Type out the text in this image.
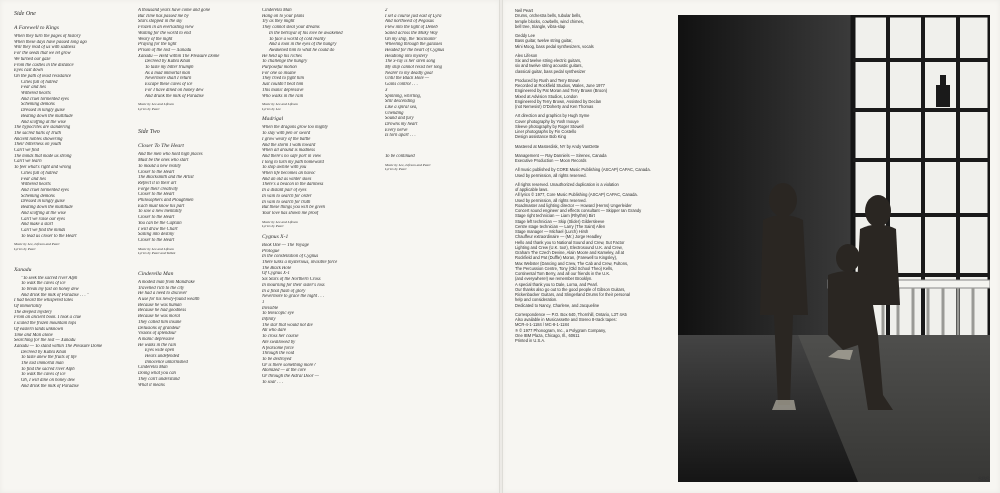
Side One
A Farewell to Kings
When they turn the pages of history
When these days have passed long ago
Will they read of us with sadness
For the seeds that we let grow
We turned our gaze
From the castles in the distance
Eyes cast down
On the path of least resistance
Cities full of hatred
Fear and lies
Withered hearts
And cruel tormented eyes
Scheming demons
Dressed in kingly guise
Beating down the multitude
And scoffing at the wise
The hypocrites are slandering
The sacred halls of Truth
Ancient nobles showering
Their bitterness on youth
Can't we find
The minds that made us strong
Can't we learn
To feel what's right and wrong
Cities full of hatred
Fear and lies
Withered hearts
And cruel tormented eyes
Scheming demons
Dressed in kingly guise
Beating down the multitude
And scoffing at the wise
Can't we raise our eyes
And make a start
Can't we find the minds
To lead us closer to the Heart
Music by Lee, Lifeson and Peart
Lyrics by Peart
Xanadu
"To seek the sacred river Alph
To walk the caves of ice
To break my fast on honey dew
And drink the milk of Paradise . . . "
I had heard the whispered tales
Of immortality
The deepest mystery
From an ancient book. I took a clue
I scaled the frozen mountain tops
Of eastern lands unknown
Time and Man alone
Searching for the lost — Xanadu
Xanadu — To stand within The Pleasure Dome
Decreed by Kubla Khan
To taste anew the fruits of life
The last immortal man
To find the sacred river Alph
To walk the caves of ice
Oh, I will dine on honey dew
And drink the milk of Paradise
A thousand years have come and gone
But Time has passed me by
Stars stopped in the sky
Frozen in an everlasting view
Waiting for the world to end
Weary of the night
Praying for the light
Prison of the lost — Xanadu
Xanadu — Held within The Pleasure Dome
Decreed by Kubla Khan
To taste my bitter triumph
As a mad immortal man
Nevermore shall I return
Escape these caves of ice
For I have dined on honey dew
And drunk the milk of Paradise
Music by Lee and Lifeson
Lyrics by Peart
Side Two
Closer To The Heart
And the men who hold high places
Must be the ones who start
To mould a new reality
Closer to the Heart
The Blacksmith and the Artist
Reflect it in their art
Forge their creativity
Closer to the Heart
Philosophers and Ploughmen
Each must know his part
To sow a new mentality
Closer to the Heart
You can be the Captain
I will draw the Chart
Sailing into destiny
Closer to the Heart
Music by Lee and Lifeson
Lyrics by Peart and Talbot
Cinderella Man
A modest man from Mandrake
Travelled rich to the city
He had a need to discover
A use for his newly-found wealth
Because he was human
Because he had goodness
Because he was moral
They called him insane
Delusions of grandeur
Visions of splendour
A manic depressive
He walks in the rain
Eyes wide open
Hears undefended
Innocence untarnished
Cinderella Man
Doing what you can
They can't understand
What it means
Cinderella Man
Hang on to your plans
Try as they might
They cannot steal your dreams
In the betrayal of his love he awakened
To face a world of cold reality
And a look in the eyes of the hungry
Awakened him to what he could do
He held up his riches
To challenge the hungry
Purposeful motion
For one so insane
They tried to fight him
Just couldn't beat him
This manic depressive
Who walks in the rain
Music by Lee and Lifeson
Lyrics by Lee
Madrigal
When the dragons grow too mighty
To slay with pen or sword
I grow weary of the battle
And the storm I walk toward
When all around is madness
And there's no safe port in view
I long to turn my path homeward
To stop awhile with you
When life becomes an havoc
And an old as winter skies
There's a beacon in the darkness
In a distant pair of eyes
In vain to search for order
In vain to search for truth
But these things you will be given
Your love has shown me proof
Music by Lee and Lifeson
Lyrics by Peart
Cygnus X-1
Book One — The Voyage
Prologue
In the constellation of Cygnus
There lurks a mysterious, invisible force
The Black Hole
Of Cygnus X-1
Six Stars of the Northern Cross
In mourning for their sister's loss
In a final flash of glory
Nevermore to grace the night . . .
1
Invisible
To telescopic eye
Infinity
The star that would not die
All who dare
To cross her course
Are swallowed by
A fearsome force
Through the void
To be destroyed
Or is there something more?
Atomized — at the core
Or through the Astral Door —
To soar . . .
2
I set a course just east of Lyra
And northwest of Pegasus
Flew into the light of Deneb
Sailed across the Milky Way
On my ship, the 'Rocinante'
Wheeling through the galaxies
Headed for the heart of Cygnus
Headlong into mystery
The x-ray is her siren song
My ship cannot resist her long
Nearer to my deadly goal
Until the Black Hole —
Gains control . . .
3
Spinning, whirling,
Still descending
Like a spiral sea,
Unending
Sound and fury
Drowns my heart
Every nerve
Is torn apart . . .
To be continued
Music by Lee, Lifeson and Peart
Lyrics by Peart
Neil Peart
Drums, orchestra bells, tubular bells,
temple blocks, cowbells, wind chimes,
bell tree, triangle, vibra-slap
Geddy Lee
Bass guitar, twelve string guitar,
Mini Moog, bass pedal synthesizers, vocals
Alex Lifeson
Six and twelve string electric guitars,
six and twelve string acoustic guitars,
classical guitar, bass pedal synthesizer
Produced by Rush and Terry Brown
Recorded at Rockfield Studios, Wales, June 1977
Engineered by Pat Moran and Terry Brown (Broon)
Mixed at Advision Studios, London
Engineered by Terry Brown, Assisted by Declan
(not Nemesis!) O'Doherty and Ken Thomas
Art direction and graphics by Hugh Syme
Cover photography by Yosh Inouye
Sleeve photography by Roger Stowell
Liner photographs by Fin Costello
Design assistance Bob King
Mastered at Masterdisk, NY by Andy VanDette
Management — Ray Danniels — Sirenex, Canada
Executive Production — Moon Records
All music published by CORE Music Publishing (ASCAP) CAPAC, Canada.
Used by permission, all rights reserved.
All rights reserved. Unauthorized duplication is a violation
of applicable laws.
All lyrics © 1977, Core Music Publishing (ASCAP) CAPAC, Canada.
Used by permission, all rights reserved.
Roadmaster and lighting director — Howard (Herns) Ungerleider
Concert sound engineer and effects consultant — Skipper Ian Grandy
Stage right technician — Liam (Rhythm) Birt
Stage left technician — Skip (Slider) Gildersleeve
Centre stage technician — Larry (The Saint) Allen
Stage manager — Michael (Lurch) Hirsh
Chauffeur extraordinaire — (Mr.) Jorge Headley
Hello and thank you to National Sound and Crew, Sut Factor
Lighting and Crew (U.K. too!), Electrosound U.K. and Crew,
Graham The Czech Devine, Alain Moore and Kameley, all at
Rockfield and Pat (Duffle) Moran, (Farewell to Kingsley),
Max Webster (Dancing and Crew, The Cab and Crew, Fultons,
The Percussion Centre, Tony (Old School Theo) Kells,
Continental Tom Berry, and all our friends in the U.K.
(and everywhere!) we remember Brooklyn.
A special thank you to Dale, Lorna, and Pearl.
Our thanks also go out to the good people of Gibson Guitars,
Rickenbacker Guitars, and Slingerland Drums for their personal
help and consideration.
Dedicated to Nancy, Charlene, and Jacqueline
Correspondence — P.O. Box 640, Thornhill, Ontario, L3T 4A5
Also available in Musicassette and Stereo 8-track tapes:
MCR-4-1-1184 / MC-8-1-1184
℗ © 1977 Phonogram, Inc., a Polygram Company,
One IBM Plaza, Chicago, Ill., 60611
Printed in U.S.A.
SBS
